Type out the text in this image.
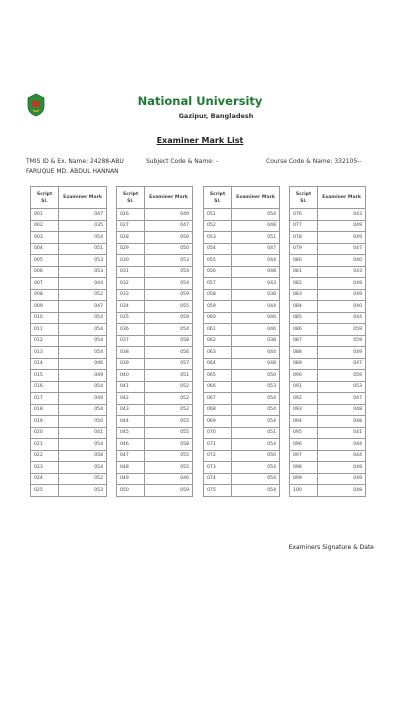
National University
Gazipur, Bangladesh
Examiner Mark List
TMIS ID & Ex. Name: 24288-ABU
FARUQUE MD. ABDUL HANNAN
Subject Code & Name: -	Course Code & Name: 332105--
Script Sl.	Examiner Mark
001	047
002	035
003	054
004	051
005	053
006	053
007	044
008	052
009	047
010	054
011	054
012	054
013	054
014	046
015	049
016	054
017	049
018	054
019	050
020	041
021	054
022	058
023	054
024	052
025	053
Script Sl.	Examiner Mark
026	049
027	047
028	050
029	050
030	053
031	054
032	054
033	059
034	055
035	059
036	054
037	058
038	056
039	057
040	051
041	052
042	052
043	052
044	055
045	055
046	058
047	055
048	055
049	046
050	059
Script Sl.	Examiner Mark
051	054
052	048
053	051
054	047
055	044
056	048
057	043
058	038
059	044
060	046
061	046
062	038
063	044
064	048
065	050
066	053
067	054
068	054
069	054
070	051
071	054
072	050
073	054
074	054
075	054
Script Sl.	Examiner Mark
076	043
077	049
078	049
079	047
080	040
081	043
082	049
083	049
084	040
085	044
086	059
087	059
088	049
089	047
090	059
091	053
092	047
093	048
094	048
095	041
096	044
097	044
098	049
099	049
100	048
Examiners Signature & Date
